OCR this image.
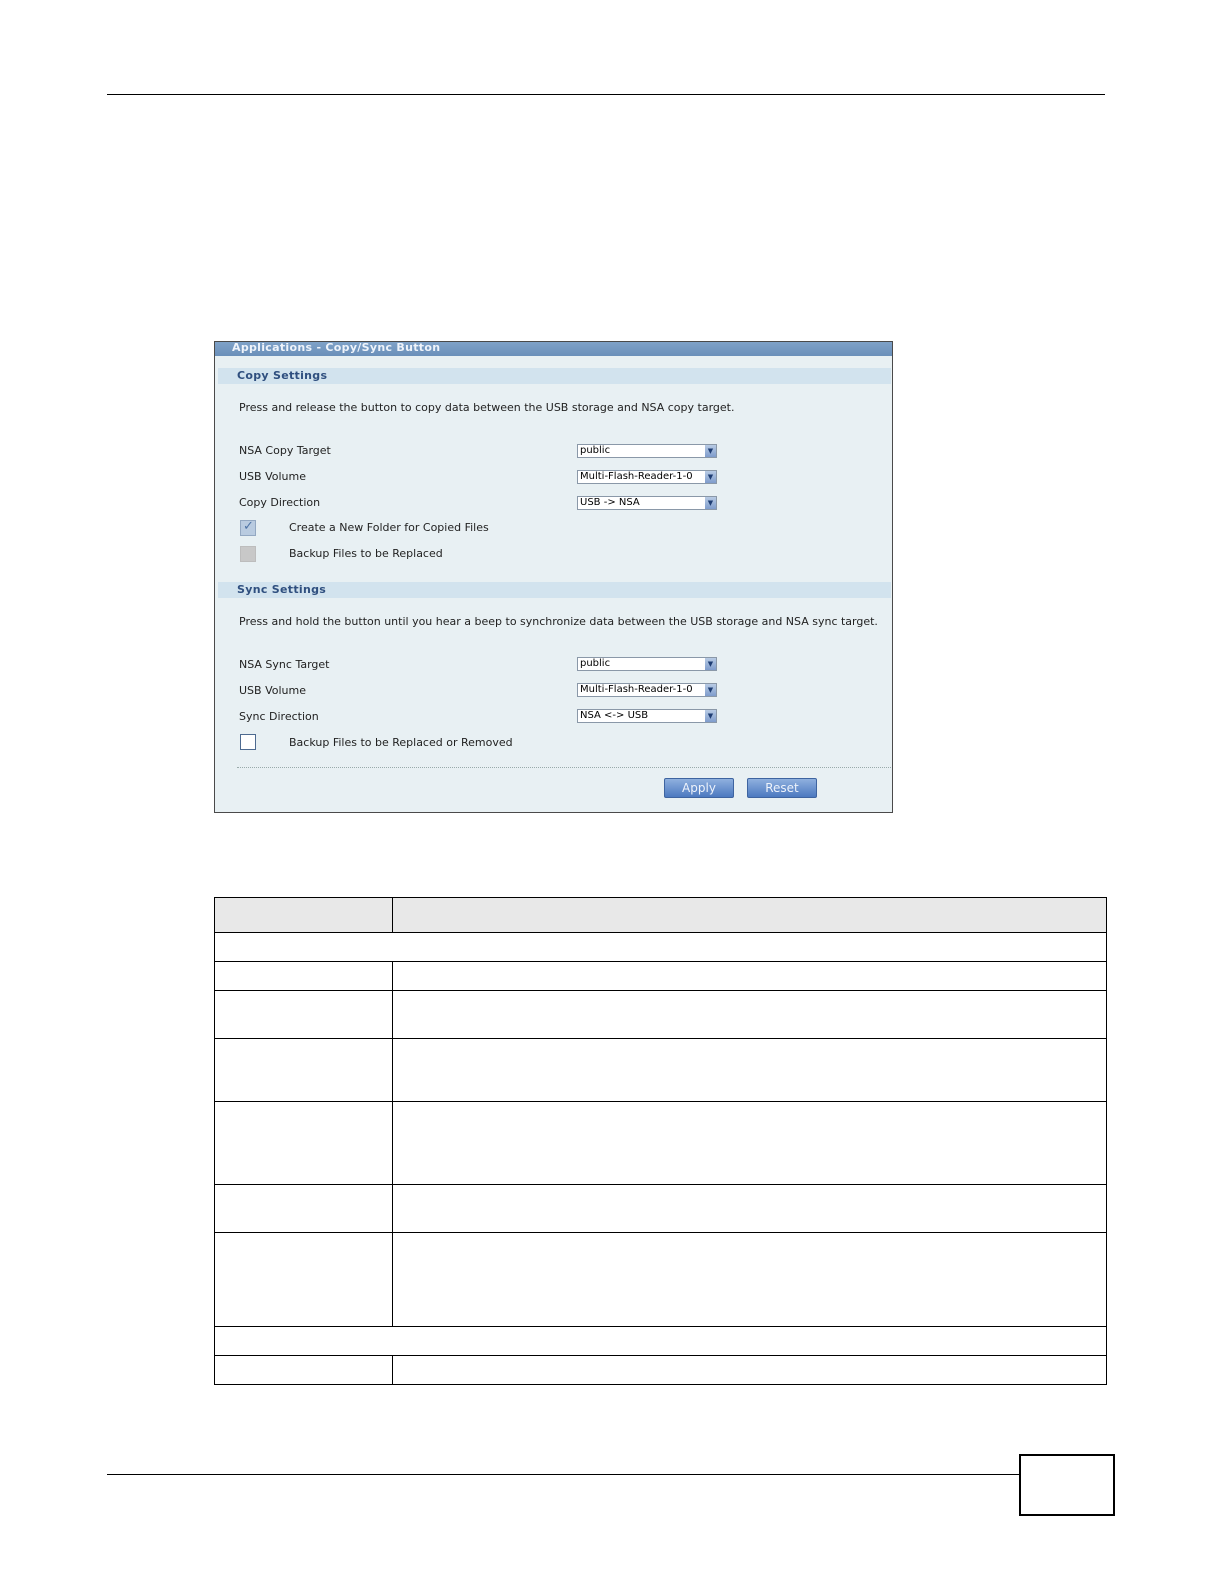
Applications - Copy/Sync Button
Copy Settings
Press and release the button to copy data between the USB storage and NSA copy target.
NSA Copy Target	public	▼
USB Volume	Multi-Flash-Reader-1-0	▼
Copy Direction	USB -> NSA	▼
✓
Create a New Folder for Copied Files
Backup Files to be Replaced
Sync Settings
Press and hold the button until you hear a beep to synchronize data between the USB storage and NSA sync target.
NSA Sync Target	public	▼
USB Volume	Multi-Flash-Reader-1-0	▼
Sync Direction	NSA <-> USB	▼
Backup Files to be Replaced or Removed
Apply	Reset
